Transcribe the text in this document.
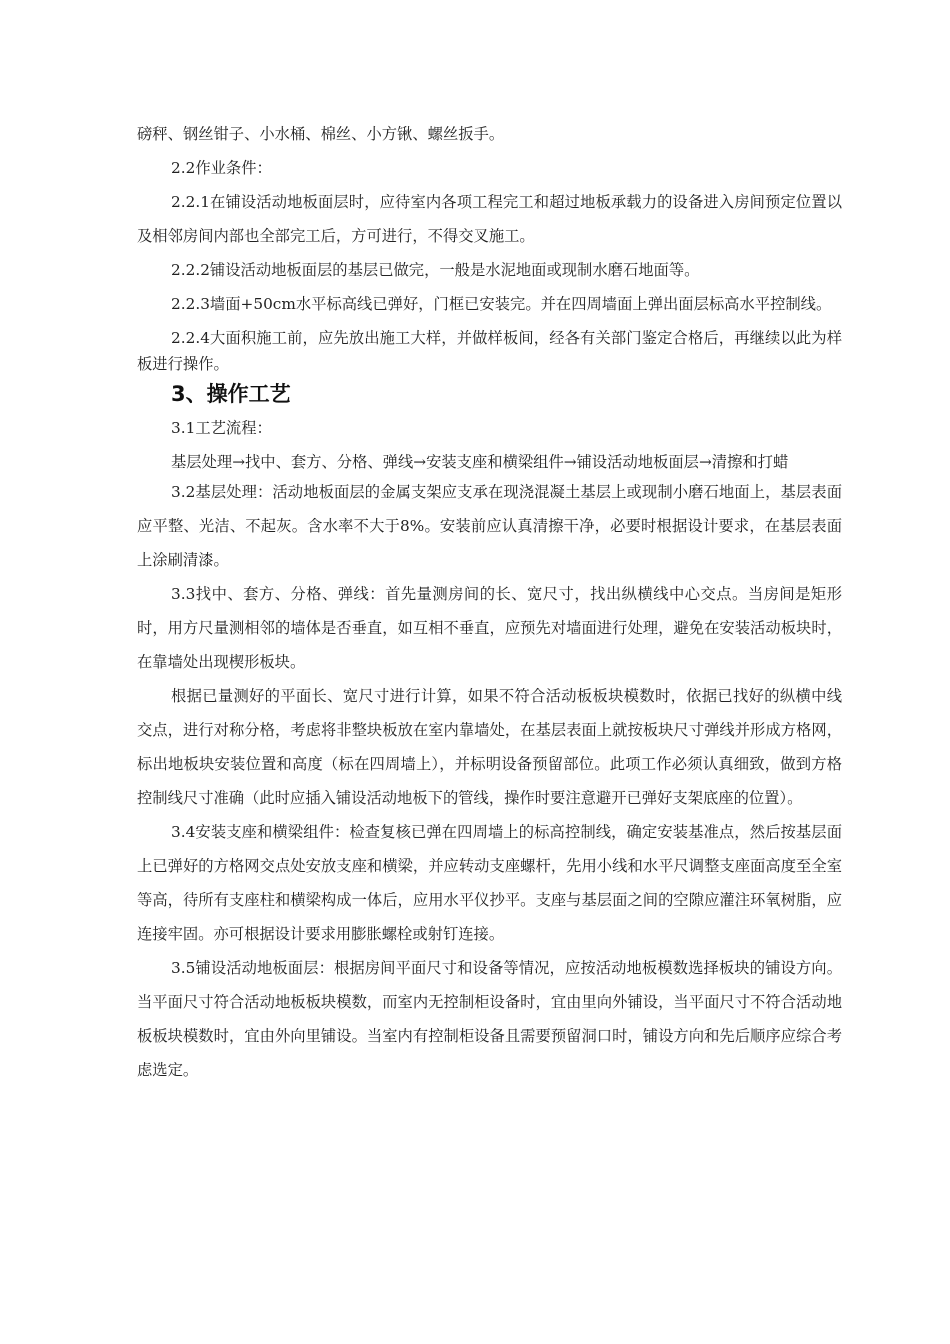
磅秤、钢丝钳子、小水桶、棉丝、小方锹、螺丝扳手。

2.2作业条件：

2.2.1在铺设活动地板面层时，应待室内各项工程完工和超过地板承载力的设备进入房间预定位置以及相邻房间内部也全部完工后，方可进行，不得交叉施工。

2.2.2铺设活动地板面层的基层已做完，一般是水泥地面或现制水磨石地面等。

2.2.3墙面+50cm水平标高线已弹好，门框已安装完。并在四周墙面上弹出面层标高水平控制线。

2.2.4大面积施工前，应先放出施工大样，并做样板间，经各有关部门鉴定合格后，再继续以此为样板进行操作。

3、操作工艺

3.1工艺流程：

基层处理→找中、套方、分格、弹线→安装支座和横梁组件→铺设活动地板面层→清擦和打蜡

3.2基层处理：活动地板面层的金属支架应支承在现浇混凝土基层上或现制小磨石地面上，基层表面应平整、光洁、不起灰。含水率不大于8%。安装前应认真清擦干净，必要时根据设计要求，在基层表面上涂刷清漆。

3.3找中、套方、分格、弹线：首先量测房间的长、宽尺寸，找出纵横线中心交点。当房间是矩形时，用方尺量测相邻的墙体是否垂直，如互相不垂直，应预先对墙面进行处理，避免在安装活动板块时，在靠墙处出现楔形板块。

根据已量测好的平面长、宽尺寸进行计算，如果不符合活动板板块模数时，依据已找好的纵横中线交点，进行对称分格，考虑将非整块板放在室内靠墙处，在基层表面上就按板块尺寸弹线并形成方格网，标出地板块安装位置和高度（标在四周墙上），并标明设备预留部位。此项工作必须认真细致，做到方格控制线尺寸准确（此时应插入铺设活动地板下的管线，操作时要注意避开已弹好支架底座的位置）。

3.4安装支座和横梁组件：检查复核已弹在四周墙上的标高控制线，确定安装基准点，然后按基层面上已弹好的方格网交点处安放支座和横梁，并应转动支座螺杆，先用小线和水平尺调整支座面高度至全室等高，待所有支座柱和横梁构成一体后，应用水平仪抄平。支座与基层面之间的空隙应灌注环氧树脂，应连接牢固。亦可根据设计要求用膨胀螺栓或射钉连接。

3.5铺设活动地板面层：根据房间平面尺寸和设备等情况，应按活动地板模数选择板块的铺设方向。当平面尺寸符合活动地板板块模数，而室内无控制柜设备时，宜由里向外铺设，当平面尺寸不符合活动地板板块模数时，宜由外向里铺设。当室内有控制柜设备且需要预留洞口时，铺设方向和先后顺序应综合考虑选定。
